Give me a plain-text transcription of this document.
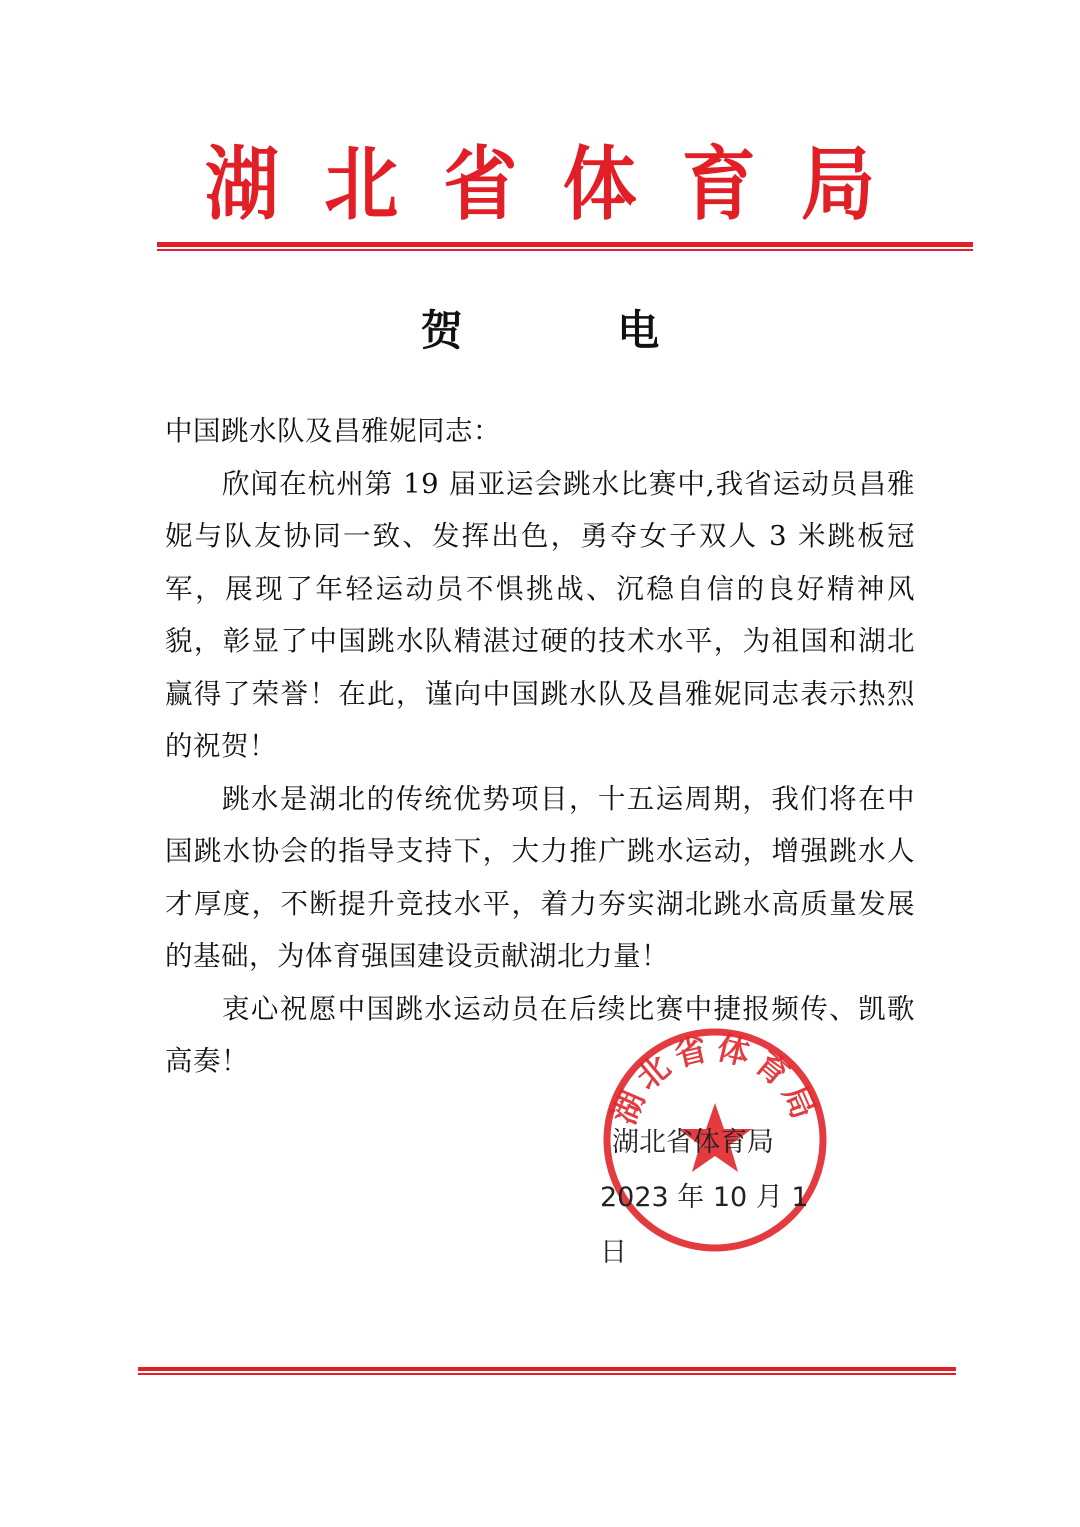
湖 北 省 体 育 局
贺 电

中国跳水队及昌雅妮同志：

欣闻在杭州第 19 届亚运会跳水比赛中,我省运动员昌雅妮与队友协同一致、发挥出色，勇夺女子双人 3 米跳板冠军，展现了年轻运动员不惧挑战、沉稳自信的良好精神风貌，彰显了中国跳水队精湛过硬的技术水平，为祖国和湖北赢得了荣誉！在此，谨向中国跳水队及昌雅妮同志表示热烈的祝贺！

跳水是湖北的传统优势项目，十五运周期，我们将在中国跳水协会的指导支持下，大力推广跳水运动，增强跳水人才厚度，不断提升竞技水平，着力夯实湖北跳水高质量发展的基础，为体育强国建设贡献湖北力量！

衷心祝愿中国跳水运动员在后续比赛中捷报频传、凯歌高奏！

湖北省体育局
湖北省体育局
2023 年 10 月 1 日
